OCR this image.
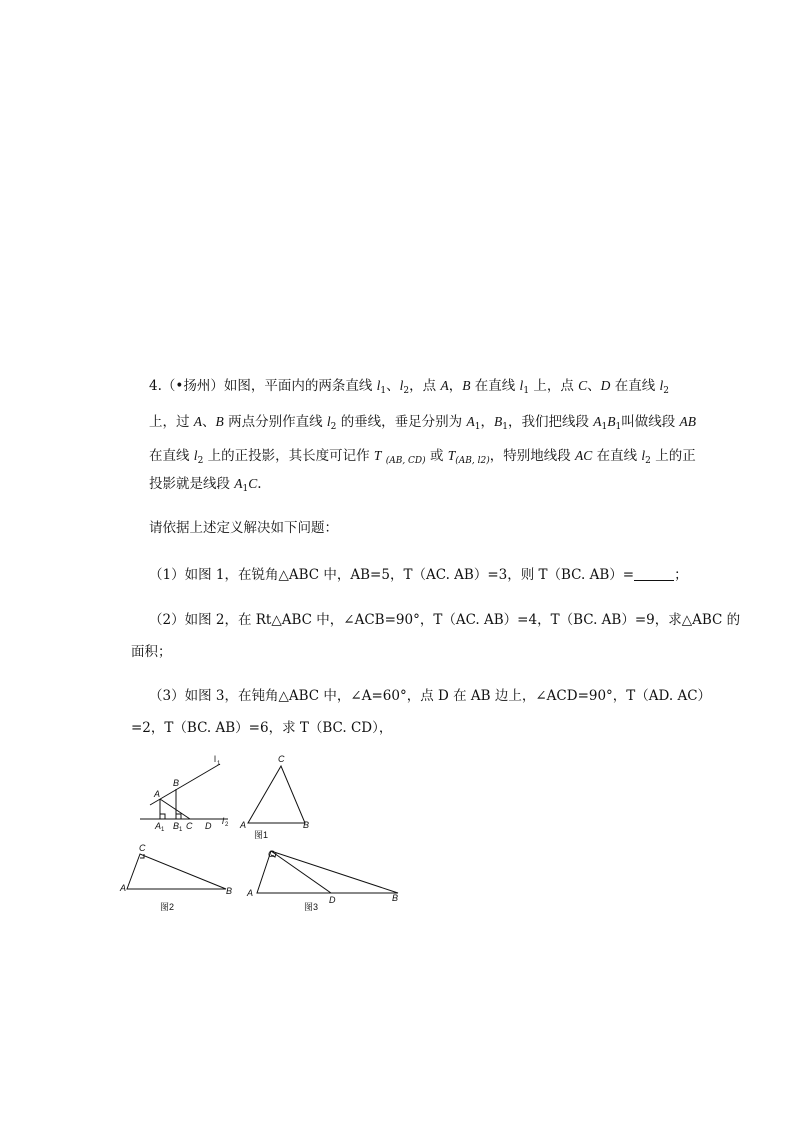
4.（•扬州）如图，平面内的两条直线 $l_1$、$l_2$，点 A，B 在直线 $l_1$ 上，点 C、D 在直线 $l_2$
上，过 A、B 两点分别作直线 $l_2$ 的垂线，垂足分别为 $A_1$，$B_1$，我们把线段 $A_1B_1$叫做线段 AB
在直线 $l_2$ 上的正投影，其长度可记作 T $_{(AB, CD)}$ 或 $T_{(AB, l2)}$，特别地线段 AC 在直线 $l_2$ 上的正
投影就是线段 $A_1C$.
请依据上述定义解决如下问题：
（1）如图 1，在锐角△ABC 中，AB=5，T（AC. AB）=3，则 T（BC. AB）=	；
（2）如图 2，在 Rt△ABC 中，∠ACB=90°，T（AC. AB）=4，T（BC. AB）=9，求△ABC 的
面积；
（3）如图 3，在钝角△ABC 中，∠A=60°，点 D 在 AB 边上，∠ACD=90°，T（AD. AC）
=2，T（BC. AB）=6，求 T（BC. CD），
l 1
A
B
A 1 B 1 C D l 2
C
A	B
图1
C
A	B
图2
C
A
D	B
图3
